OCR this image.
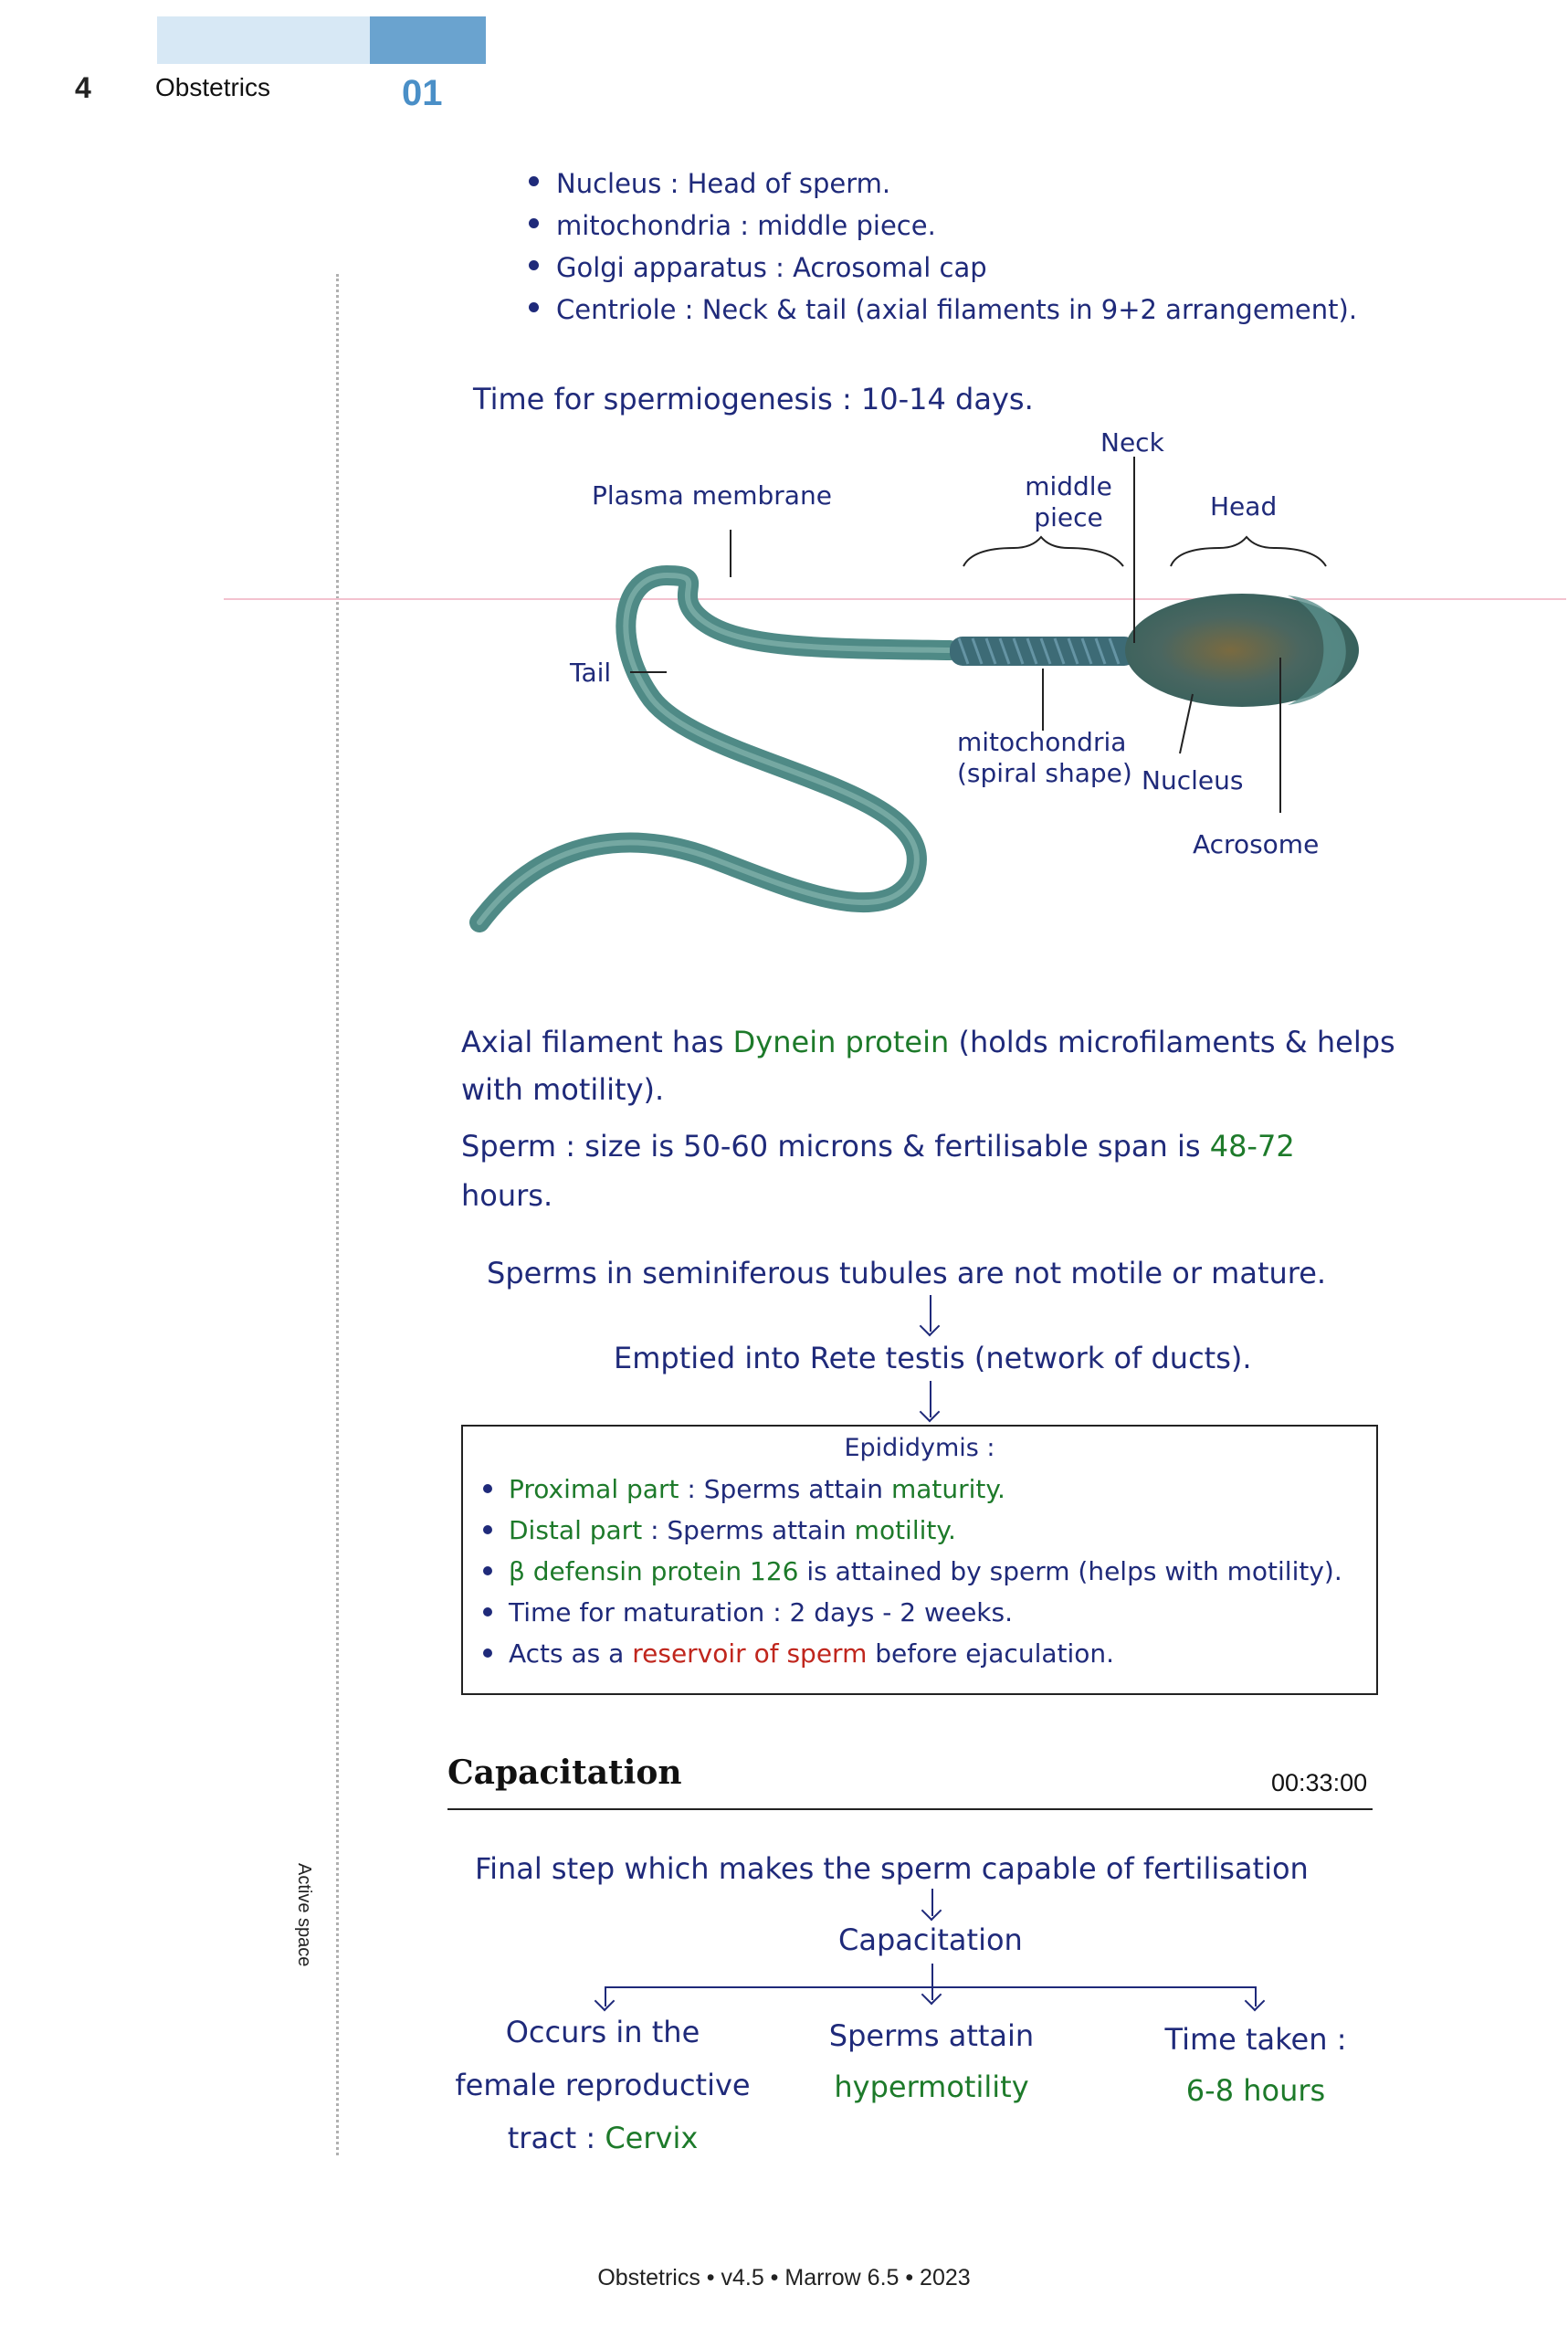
4	Obstetrics	01
Active space
Nucleus : Head of sperm.
mitochondria : middle piece.
Golgi apparatus : Acrosomal cap
Centriole : Neck & tail (axial filaments in 9+2 arrangement).
Time for spermiogenesis : 10-14 days.
Plasma membrane
Neck
middle
piece	Head
Tail
mitochondria
(spiral shape) Nucleus
Acrosome
Axial filament has Dynein protein (holds microfilaments & helps
with motility).
Sperm : size is 50-60 microns & fertilisable span is 48-72
hours.
Sperms in seminiferous tubules are not motile or mature.
Emptied into Rete testis (network of ducts).
Epididymis :
Proximal part : Sperms attain maturity.
Distal part : Sperms attain motility.
β defensin protein 126 is attained by sperm (helps with motility).
Time for maturation : 2 days - 2 weeks.
Acts as a reservoir of sperm before ejaculation.
Capacitation	00:33:00
Final step which makes the sperm capable of fertilisation
Capacitation
Occurs in the
female reproductive
tract : Cervix
Sperms attain
hypermotility
Time taken :
6-8 hours
Obstetrics • v4.5 • Marrow 6.5 • 2023
